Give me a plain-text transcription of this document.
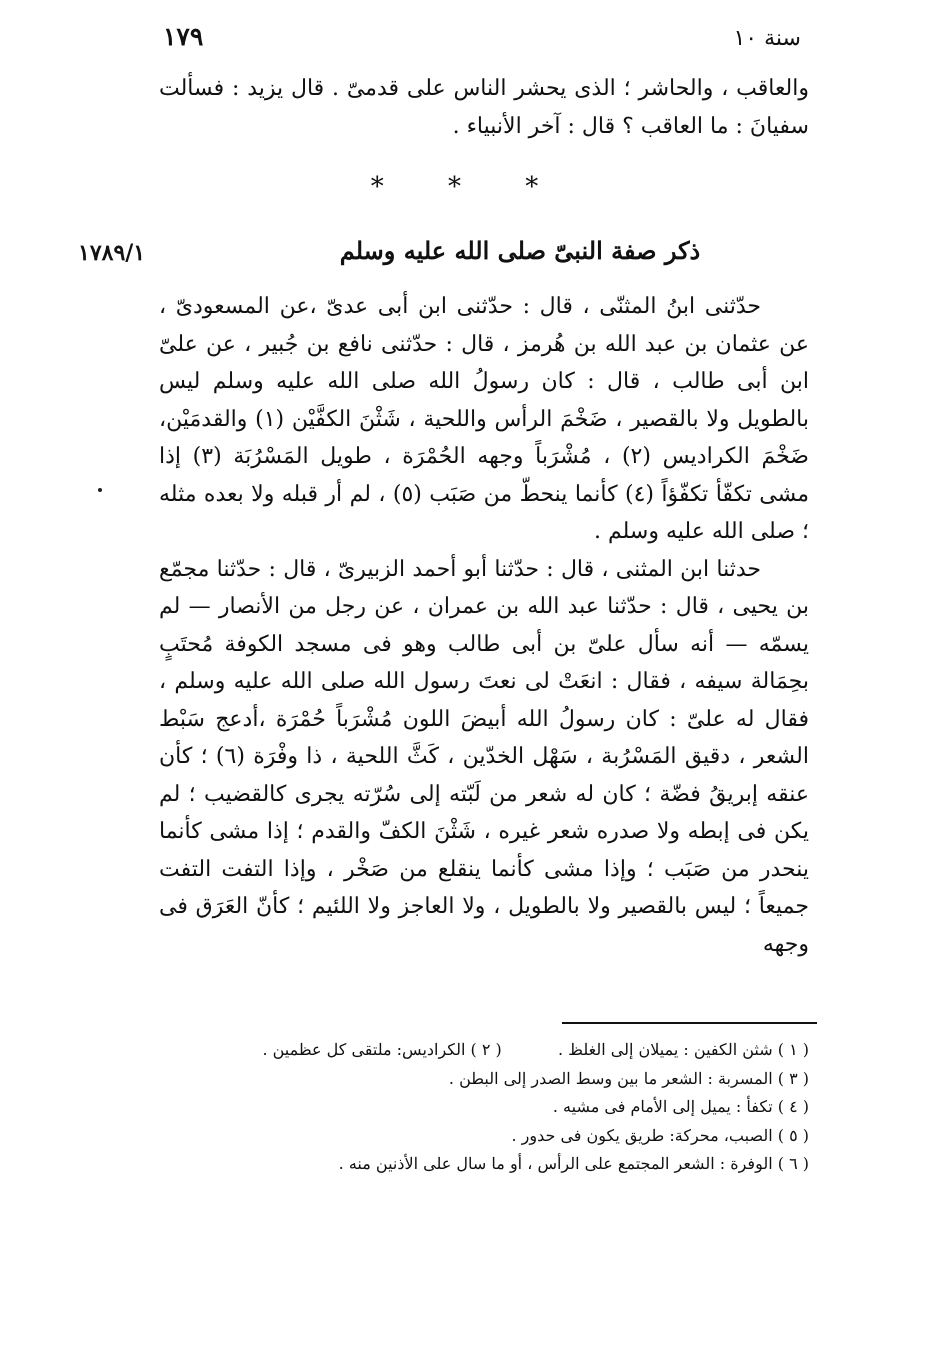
١٧٩	سنة ١٠

والعاقب ، والحاشر ؛ الذى يحشر الناس على قدمىّ . قال يزيد : فسألت

سفيانَ : ما العاقب ؟ قال : آخر الأنبياء .

* * *
١٧٨٩/١	ذكر صفة النبىّ صلى الله عليه وسلم

حدّثنى ابنُ المثنّى ، قال : حدّثنى ابن أبى عدىّ ،عن المسعودىّ ، عن عثمان بن عبد الله بن هُرمز ، قال : حدّثنى نافع بن جُبير ، عن علىّ ابن أبى طالب ، قال : كان رسولُ الله صلى الله عليه وسلم ليس بالطويل ولا بالقصير ، ضَخْمَ الرأس واللحية ، شَثْنَ الكفَّيْن (١) والقدمَيْن، ضَخْمَ الكراديس (٢) ، مُشْرَباً وجهه الحُمْرَة ، طويل المَسْرُبَة (٣) إذا مشى تكفّأ تكفّؤاً (٤) كأنما ينحطّ من صَبَب (٥) ، لم أر قبله ولا بعده مثله ؛ صلى الله عليه وسلم .

حدثنا ابن المثنى ، قال : حدّثنا أبو أحمد الزبيرىّ ، قال : حدّثنا مجمّع بن يحيى ، قال : حدّثنا عبد الله بن عمران ، عن رجل من الأنصار — لم يسمّه — أنه سأل علىّ بن أبى طالب وهو فى مسجد الكوفة مُحتَبٍ بحِمَالة سيفه ، فقال : انعَتْ لى نعتَ رسول الله صلى الله عليه وسلم ، فقال له علىّ : كان رسولُ الله أبيضَ اللون مُشْرَباً حُمْرَة ،أدعج سَبْط الشعر ، دقيق المَسْرُبة ، سَهْل الخدّين ، كَثَّ اللحية ، ذا وفْرَة (٦) ؛ كأن عنقه إبريقُ فضّة ؛ كان له شعر من لَبّته إلى سُرّته يجرى كالقضيب ؛ لم يكن فى إبطه ولا صدره شعر غيره ، شَثْنَ الكفّ والقدم ؛ إذا مشى كأنما ينحدر من صَبَب ؛ وإذا مشى كأنما ينقلع من صَخْر ، وإذا التفت التفت جميعاً ؛ ليس بالقصير ولا بالطويل ، ولا العاجز ولا اللئيم ؛ كأنّ العَرَق فى وجهه

( ١ ) شثن الكفين : يميلان إلى الغلظ .  ( ٢ ) الكراديس: ملتقى كل عظمين .
( ٣ ) المسربة : الشعر ما بين وسط الصدر إلى البطن .
( ٤ ) تكفأ : يميل إلى الأمام فى مشيه .
( ٥ ) الصبب، محركة: طريق يكون فى حدور .
( ٦ ) الوفرة : الشعر المجتمع على الرأس ، أو ما سال على الأذنين منه .
